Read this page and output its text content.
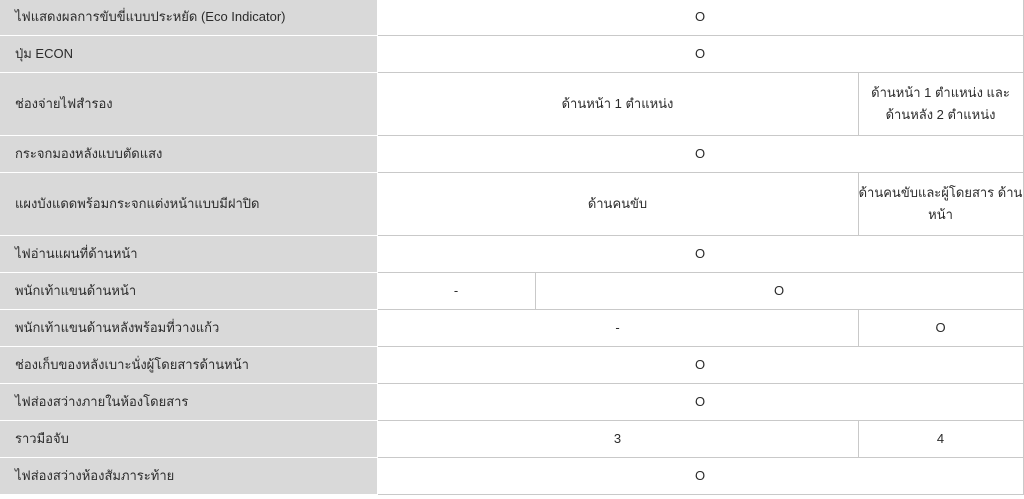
ไฟแสดงผลการขับขี่แบบประหยัด (Eco Indicator)	O		
ปุ่ม ECON	O		
ช่องจ่ายไฟสำรอง	ด้านหน้า 1 ตำแหน่ง		ด้านหน้า 1 ตำแหน่ง และ ด้านหลัง 2 ตำแหน่ง
กระจกมองหลังแบบตัดแสง	O		
แผงบังแดดพร้อมกระจกแต่งหน้าแบบมีฝาปิด	ด้านคนขับ		ด้านคนขับและผู้โดยสาร ด้านหน้า
ไฟอ่านแผนที่ด้านหน้า	O		
พนักเท้าแขนด้านหน้า	-	O	
พนักเท้าแขนด้านหลังพร้อมที่วางแก้ว	-		O
ช่องเก็บของหลังเบาะนั่งผู้โดยสารด้านหน้า	O		
ไฟส่องสว่างภายในห้องโดยสาร	O		
ราวมือจับ	3		4
ไฟส่องสว่างห้องสัมภาระท้าย	O		
